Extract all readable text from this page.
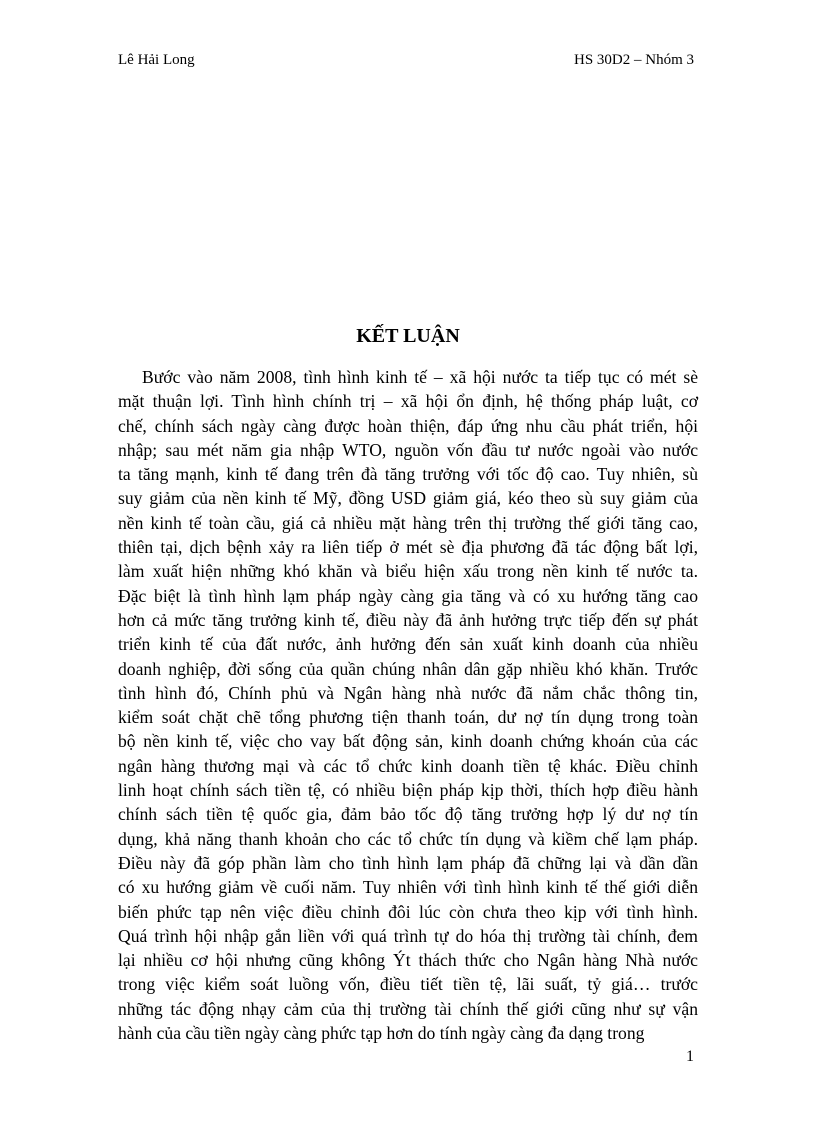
Lê Hải Long	HS 30D2 – Nhóm 3
KẾT LUẬN
Bước vào năm 2008, tình hình kinh tế – xã hội nước ta tiếp tục có mét sè
mặt thuận lợi. Tình hình chính trị – xã hội ổn định, hệ thống pháp luật, cơ
chế, chính sách ngày càng được hoàn thiện, đáp ứng nhu cầu phát triển, hội
nhập; sau mét năm gia nhập WTO, nguồn vốn đầu tư nước ngoài vào nước
ta tăng mạnh, kinh tế đang trên đà tăng trưởng với tốc độ cao. Tuy nhiên, sù
suy giảm của nền kinh tế Mỹ, đồng USD giảm giá, kéo theo sù suy giảm của
nền kinh tế toàn cầu, giá cả nhiều mặt hàng trên thị trường thế giới tăng cao,
thiên tại, dịch bệnh xảy ra liên tiếp ở mét sè địa phương đã tác động bất lợi,
làm xuất hiện những khó khăn và biểu hiện xấu trong nền kinh tế nước ta.
Đặc biệt là tình hình lạm pháp ngày càng gia tăng và có xu hướng tăng cao
hơn cả mức tăng trưởng kinh tế, điều này đã ảnh hưởng trực tiếp đến sự phát
triển kinh tế của đất nước, ảnh hưởng đến sản xuất kinh doanh của nhiều
doanh nghiệp, đời sống của quần chúng nhân dân gặp nhiều khó khăn. Trước
tình hình đó, Chính phủ và Ngân hàng nhà nước đã nắm chắc thông tin,
kiểm soát chặt chẽ tổng phương tiện thanh toán, dư nợ tín dụng trong toàn
bộ nền kinh tế, việc cho vay bất động sản, kinh doanh chứng khoán của các
ngân hàng thương mại và các tổ chức kinh doanh tiền tệ khác. Điều chỉnh
linh hoạt chính sách tiền tệ, có nhiều biện pháp kịp thời, thích hợp điều hành
chính sách tiền tệ quốc gia, đảm bảo tốc độ tăng trưởng hợp lý dư nợ tín
dụng, khả năng thanh khoản cho các tổ chức tín dụng và kiềm chế lạm pháp.
Điều này đã góp phần làm cho tình hình lạm pháp đã chững lại và dần dần
có xu hướng giảm về cuối năm. Tuy nhiên với tình hình kinh tế thế giới diễn
biến phức tạp nên việc điều chỉnh đôi lúc còn chưa theo kịp với tình hình.
Quá trình hội nhập gắn liền với quá trình tự do hóa thị trường tài chính, đem
lại nhiều cơ hội nhưng cũng không Ýt thách thức cho Ngân hàng Nhà nước
trong việc kiểm soát luồng vốn, điều tiết tiền tệ, lãi suất, tỷ giá… trước
những tác động nhạy cảm của thị trường tài chính thế giới cũng như sự vận
hành của cầu tiền ngày càng phức tạp hơn do tính ngày càng đa dạng trong
1
